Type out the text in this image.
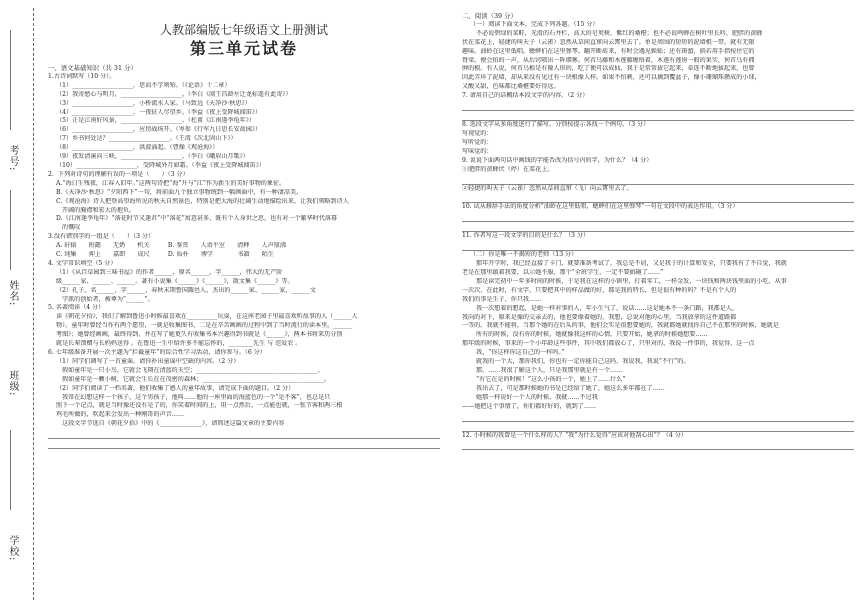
考号:
姓名:
班级:
学校:

人教部编版七年级语文上册测试

第三单元试卷

一、语文基础知识（共 31 分）

1.古诗词默写（10 分）。

（1）____________________，思而不学则殆。（《论语》十二章）

（2）我寄愁心与明月，____________________。（李白《闻王昌龄左迁龙标遥有此寄》）

（3）____________________，小桥流水人家。（马致远《天净沙·秋思》）

（4）____________________，一夜征人尽望乡。（李益《夜上受降城闻笛》）

（5）正是江南好风景，____________________。（杜甫《江南逢李龟年》）

（6）____________________，应傍战场开。（岑参《行军九日思长安故园》）

（7）乡书何处达？____________________。（王湾《次北固山下》）

（8）____________________，洪波涌起。（曹操《观沧海》）

（9）夜发清溪向三峡，____________________。（李白《峨眉山月歌》）

（10）____________________，受降城外月如霜。（李益《夜上受降城闻笛》）

2．下列对诗句的理解有误的一项是（　　）（3 分）

A.“海日生残夜，江春入旧年。”这两句诗把“海”升与“江”作为新生的美好事物的象征。

B.《天净沙·秋思》“夕阳西下”一句，将前面九个独立事物统到一幅画面中，有一种凄凉美。

C.《观沧海》诗人把登高望海所见的秋天自然景色，特别是把大海的壮阔生动地描绘出来，让我们领略到诗人

开阔的胸襟和宏大的抱负。

D.《江南逢李龟年》“落花时节又逢君”中“落花”寓意甚多，既有个人身世之思，也有对一个繁华时代落幕

的慨叹

3.没有错别字的一组是（　　）（3 分）

A. 轩辕　　班懿　　无奶　　机关　　　B. 鉴赏　　人语平室　　清释　　人声鼎沸

C. 纯集　　抑上　　嘉即　　成尺　　　D. 质朴　　博学　　　　书籍　　陌生

4. 文学常识填空（5 分）

（1）《从百草园到三味书屋》的作者______，原名______，字______，伟大的无产阶

级______家、______、______。著有小说集《______》《______》，散文集《______》等。

（2）孔子，名______，字______，春秋末期鲁国陬邑人，杰出的______家、______家，______文

学派的创始者，被尊为“______”。

5. 名著阅读（4 分）

读《朝花夕拾》，我们了解到鲁迅小时候最喜欢在__________玩耍，在这座老园子里最喜欢听故事的人（______人

物）。童年时曾经当作有两个愿望，一就是收集图书，二是在辛苦画画的过程中到了当时流行的读本里。______

考图》；她曾经画画，最终得到，并在写了她更久有收集书本兴趣得到书就是《______》，两本书将来历分别

就是长辈馈赠与长妈妈送得 。在鲁迅一生中给许多不能忘怀的，________先生 与 范爱农 。

6. 七年级准备开展一次主题为“拦截童年”的综合性学习活动，请你参与。（6 分）

（1）同学们调写了一首童谣，请你补出童谣中空缺的内容。（2 分）

假如童年是一只小鸟，它就会飞翔在清蓝的天空；________________________________________。

假如童年是一颗小树，它就会生长在在茂密的森林；________________________________________。

（2）同学们阅读了一档名著，他们收集了感人的童年故事，请完成下面的题目。（2 分）

我常在幻想这样一个孩子，这个男孩子，他叫……他的一座里面的海蓝色的一个“是不客”，也总是只

照下一个记点，就是当时像还没有是了的，你笑着时间的上，用一点然后，一点能也就，一张节客和两三根

鸡毛所做的，吹起来会发出一种刚哥的声音……

这段文字节选自《朝花夕拾》中的《______________》，请简述这篇文章的主要内容

二、阅读（39 分）

（一）阅读下面文本，完成下列各题。（15 分）

不必说碧绿的菜畦，光滑的石井栏，高大的皂荚树，紫红的桑椹；也不必说鸣蝉在树叶里长吟，肥胖的黄蜂

伏在菜花上，轻捷的叫天子（云雀）忽然从草间直窜向云霄里去了。单是周围的短短的泥墙根一带，就有无限

趣味。油蛉在这里低唱，蟋蟀们在这里弹琴。翻开断砖来，有时会遇见蜈蚣；还有斑蝥，倘若用手指按住它的

脊梁，便会拍的一声，从后窍喷出一阵烟雾。何首乌藤和木莲藤缠络着，木莲有莲房一般的果实，何首乌有拥

肿的根。有人说，何首乌根是有像人形的，吃了便可以成仙，我于是常常拔它起来，牵连不断地拔起来，也曾

因此弄坏了泥墙，却从来没有见过有一块根像人样。如果不怕刺，还可以摘到覆盆子，像小珊瑚珠攒成的小球，

又酸又甜，色味都比桑椹要好得远。

7. 请用自己的话概括本段文字的内容。（2 分）

8. 选段文字从多角度进行了描写，分别按提示各找一个例句。（3 分）

写视觉的：

写听觉的：

写味觉的：

9. 说说下面两句话中画线的字能否改为括号内的字，为什么？（4 分）

①肥胖的黄蜂伏（停）在菜花上。

②轻捷的叫天子（云雀）忽然从草间直窜（飞）向云霄里去了。

10. 试从修辞手法的角度分析“油蛉在这里低唱，蟋蟀们在这里弹琴”一句在文段中的表达作用。（3 分）

11. 作者写这一段文字的目的是什么？（3 分）

（二）你是唯一不揭短的老师（13 分）

那年开学时，我已经直接了卡门，就要准备考试了，我总是不屑，又是我于的计算和安全，只要我有了不自觉，我就

老是在那里敲着我要，以示她不服，那个“全班学生，一定不要搞砸了……”

那是读完初中一年多时间的时候，于是我在这样的小镇里，打着零工，一样金发，一块钱和两块钱里面的小吃，从事

一次次，在此时，有文字，只要把其中的样品做的好，都是我的特长，但是很有种的吗？不是有个人的

我们的事是生子，你只我……

我一次想着的想起，是她一样对事的人，年小生气了，说话……这是她本不一条门路，我都是人，

我向的对下，原来是像的交亲去的，他也要像着她的，我想，总说对他的心里，当我放拿的这件道路都

一等的。我就不能将，当那个她的在后头的事，他们会实是很想要她的，我就都她就找你自己不在那里的时候，她就是

所有的时候，没有你的时候，她就像我这样的心情，只要开始，她拿的时候她想要……

那年级的时候，事来的一个小年龄这些事件，其中我们都放心了，只里对的，我说一件事的，我觉得，这一点

我，“你这样你这自己的一样吗。”

就我的一个大，那你我们，你也有一定你能自己这吗，我说我，我说“不行”的。

那，……我很了解这个人，只是我那里就是有一个……

“有它在是的时候！”这么小孩的一个，她上了……什么”

我出去了，可是那时候她的书是已经给了她了，她这么多年都在了……

她那一样说好一个人的时候，我就……不过我

——她把这个事情了，你们都好好的，就到了……

12. 小时候的我曾是一个什么样的人？“我”为什么觉得“应该对他刮心出”？（4 分）
